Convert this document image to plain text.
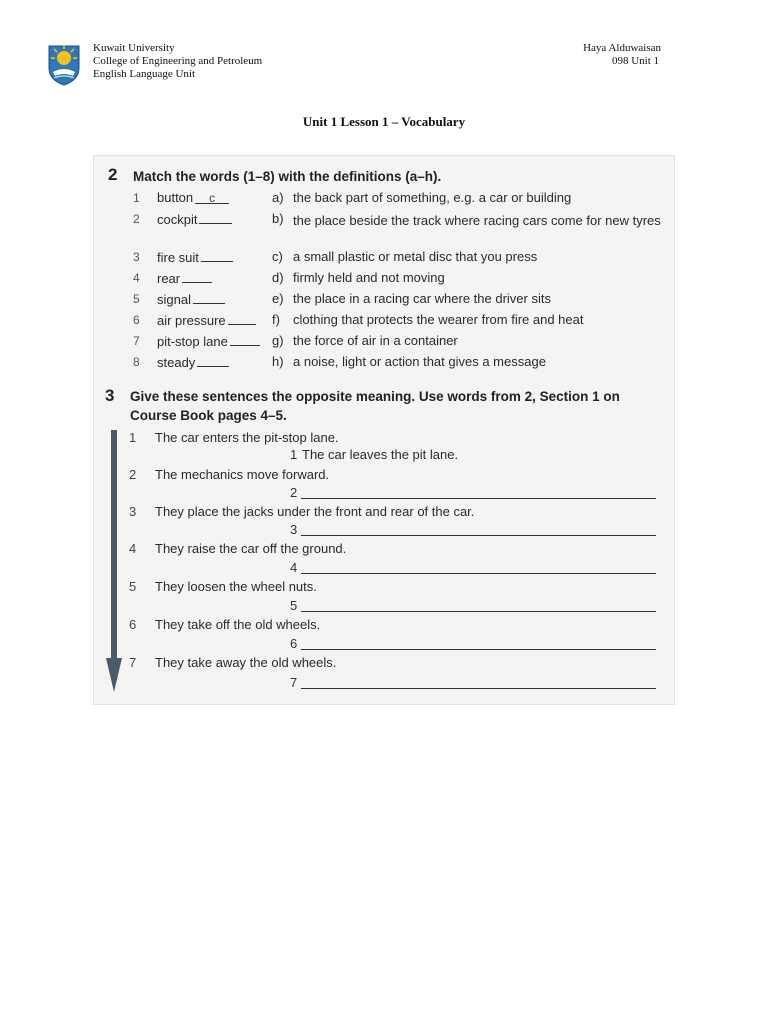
Kuwait University
College of Engineering and Petroleum
English Language Unit
Haya Alduwaisan
098 Unit 1
Unit 1 Lesson 1 – Vocabulary
2 Match the words (1–8) with the definitions (a–h).
1 button c	a) the back part of something, e.g. a car or building
2 cockpit	b) the place beside the track where racing cars come for new tyres
3 fire suit	c) a small plastic or metal disc that you press
4 rear	d) firmly held and not moving
5 signal	e) the place in a racing car where the driver sits
6 air pressure	f) clothing that protects the wearer from fire and heat
7 pit-stop lane	g) the force of air in a container
8 steady	h) a noise, light or action that gives a message
3 Give these sentences the opposite meaning. Use words from 2, Section 1 on
Course Book pages 4–5.
1 The car enters the pit-stop lane.
1 The car leaves the pit lane.
2 The mechanics move forward.
2
3 They place the jacks under the front and rear of the car.
3
4 They raise the car off the ground.
4
5 They loosen the wheel nuts.
5
6 They take off the old wheels.
6
7 They take away the old wheels.
7
